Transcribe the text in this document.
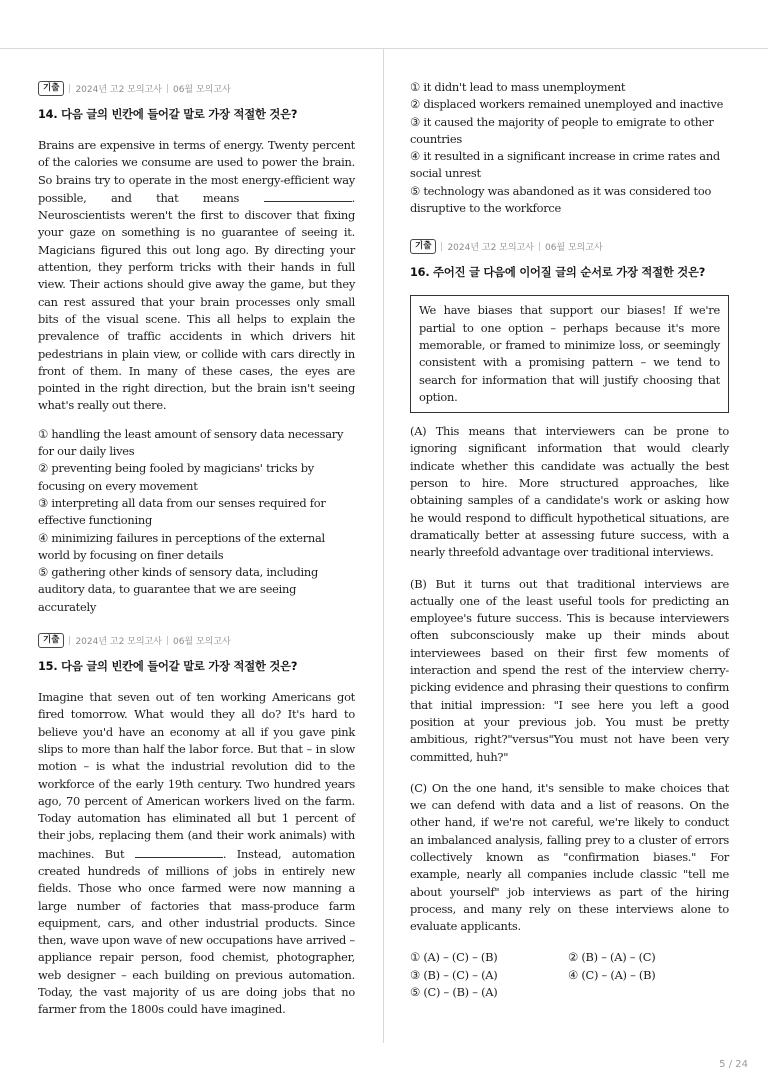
기출	2024년 고2 모의고사 06월 모의고사
14. 다음 글의 빈칸에 들어갈 말로 가장 적절한 것은?

Brains are expensive in terms of energy. Twenty percent of the calories we consume are used to power the brain. So brains try to operate in the most energy-efficient way possible, and that means	. Neuroscientists weren't the first to discover that fixing your gaze on something is no guarantee of seeing it. Magicians figured this out long ago. By directing your attention, they perform tricks with their hands in full view. Their actions should give away the game, but they can rest assured that your brain processes only small bits of the visual scene. This all helps to explain the prevalence of traffic accidents in which drivers hit pedestrians in plain view, or collide with cars directly in front of them. In many of these cases, the eyes are pointed in the right direction, but the brain isn't seeing what's really out there.

① handling the least amount of sensory data necessary for our daily lives
② preventing being fooled by magicians' tricks by focusing on every movement
③ interpreting all data from our senses required for effective functioning
④ minimizing failures in perceptions of the external world by focusing on finer details
⑤ gathering other kinds of sensory data, including auditory data, to guarantee that we are seeing accurately
기출	2024년 고2 모의고사 06월 모의고사
15. 다음 글의 빈칸에 들어갈 말로 가장 적절한 것은?

Imagine that seven out of ten working Americans got fired tomorrow. What would they all do? It's hard to believe you'd have an economy at all if you gave pink slips to more than half the labor force. But that – in slow motion – is what the industrial revolution did to the workforce of the early 19th century. Two hundred years ago, 70 percent of American workers lived on the farm. Today automation has eliminated all but 1 percent of their jobs, replacing them (and their work animals) with machines. But	. Instead, automation created hundreds of millions of jobs in entirely new fields. Those who once farmed were now manning a large number of factories that mass-produce farm equipment, cars, and other industrial products. Since then, wave upon wave of new occupations have arrived – appliance repair person, food chemist, photographer, web designer – each building on previous automation. Today, the vast majority of us are doing jobs that no farmer from the 1800s could have imagined.

① it didn't lead to mass unemployment
② displaced workers remained unemployed and inactive
③ it caused the majority of people to emigrate to other countries
④ it resulted in a significant increase in crime rates and social unrest
⑤ technology was abandoned as it was considered too disruptive to the workforce
기출	2024년 고2 모의고사 06월 모의고사
16. 주어진 글 다음에 이어질 글의 순서로 가장 적절한 것은?

We have biases that support our biases! If we're partial to one option – perhaps because it's more memorable, or framed to minimize loss, or seemingly consistent with a promising pattern – we tend to search for information that will justify choosing that option.

(A) This means that interviewers can be prone to ignoring significant information that would clearly indicate whether this candidate was actually the best person to hire. More structured approaches, like obtaining samples of a candidate's work or asking how he would respond to difficult hypothetical situations, are dramatically better at assessing future success, with a nearly threefold advantage over traditional interviews.

(B) But it turns out that traditional interviews are actually one of the least useful tools for predicting an employee's future success. This is because interviewers often subconsciously make up their minds about interviewees based on their first few moments of interaction and spend the rest of the interview cherry-picking evidence and phrasing their questions to confirm that initial impression: "I see here you left a good position at your previous job. You must be pretty ambitious, right?"versus"You must not have been very committed, huh?"

(C) On the one hand, it's sensible to make choices that we can defend with data and a list of reasons. On the other hand, if we're not careful, we're likely to conduct an imbalanced analysis, falling prey to a cluster of errors collectively known as "confirmation biases." For example, nearly all companies include classic "tell me about yourself" job interviews as part of the hiring process, and many rely on these interviews alone to evaluate applicants.

① (A) – (C) – (B)	② (B) – (A) – (C)
③ (B) – (C) – (A)	④ (C) – (A) – (B)
⑤ (C) – (B) – (A)
5 / 24
